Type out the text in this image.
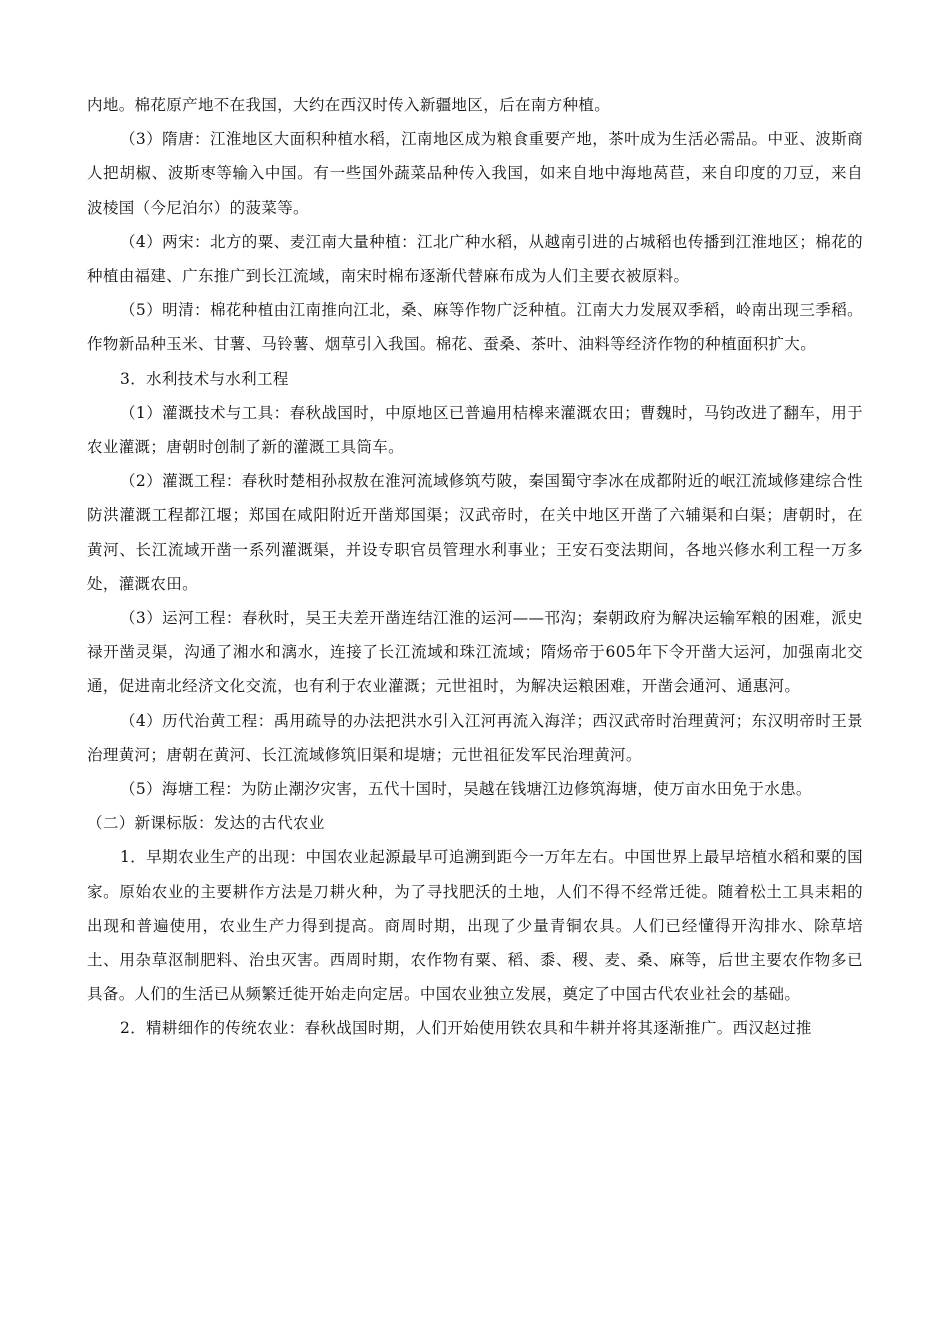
内地。棉花原产地不在我国，大约在西汉时传入新疆地区，后在南方种植。

（3）隋唐：江淮地区大面积种植水稻，江南地区成为粮食重要产地，茶叶成为生活必需品。中亚、波斯商人把胡椒、波斯枣等输入中国。有一些国外蔬菜品种传入我国，如来自地中海地莴苣，来自印度的刀豆，来自波棱国（今尼泊尔）的菠菜等。

（4）两宋：北方的粟、麦江南大量种植：江北广种水稻，从越南引进的占城稻也传播到江淮地区；棉花的种植由福建、广东推广到长江流域，南宋时棉布逐渐代替麻布成为人们主要衣被原料。

（5）明清：棉花种植由江南推向江北，桑、麻等作物广泛种植。江南大力发展双季稻，岭南出现三季稻。作物新品种玉米、甘薯、马铃薯、烟草引入我国。棉花、蚕桑、茶叶、油料等经济作物的种植面积扩大。

3．水利技术与水利工程

（1）灌溉技术与工具：春秋战国时，中原地区已普遍用桔槔来灌溉农田；曹魏时，马钧改进了翻车，用于农业灌溉；唐朝时创制了新的灌溉工具筒车。

（2）灌溉工程：春秋时楚相孙叔敖在淮河流域修筑芍陂，秦国蜀守李冰在成都附近的岷江流域修建综合性防洪灌溉工程都江堰；郑国在咸阳附近开凿郑国渠；汉武帝时，在关中地区开凿了六辅渠和白渠；唐朝时，在黄河、长江流域开凿一系列灌溉渠，并设专职官员管理水利事业；王安石变法期间，各地兴修水利工程一万多处，灌溉农田。

（3）运河工程：春秋时，吴王夫差开凿连结江淮的运河——邗沟；秦朝政府为解决运输军粮的困难，派史禄开凿灵渠，沟通了湘水和漓水，连接了长江流域和珠江流域；隋炀帝于605年下令开凿大运河，加强南北交通，促进南北经济文化交流，也有利于农业灌溉；元世祖时，为解决运粮困难，开凿会通河、通惠河。

（4）历代治黄工程：禹用疏导的办法把洪水引入江河再流入海洋；西汉武帝时治理黄河；东汉明帝时王景治理黄河；唐朝在黄河、长江流域修筑旧渠和堤塘；元世祖征发军民治理黄河。

（5）海塘工程：为防止潮汐灾害，五代十国时，吴越在钱塘江边修筑海塘，使万亩水田免于水患。

（二）新课标版：发达的古代农业

1．早期农业生产的出现：中国农业起源最早可追溯到距今一万年左右。中国世界上最早培植水稻和粟的国家。原始农业的主要耕作方法是刀耕火种，为了寻找肥沃的土地，人们不得不经常迁徙。随着松土工具耒耜的出现和普遍使用，农业生产力得到提高。商周时期，出现了少量青铜农具。人们已经懂得开沟排水、除草培土、用杂草沤制肥料、治虫灭害。西周时期，农作物有粟、稻、黍、稷、麦、桑、麻等，后世主要农作物多已具备。人们的生活已从频繁迁徙开始走向定居。中国农业独立发展，奠定了中国古代农业社会的基础。

2．精耕细作的传统农业：春秋战国时期，人们开始使用铁农具和牛耕并将其逐渐推广。西汉赵过推
